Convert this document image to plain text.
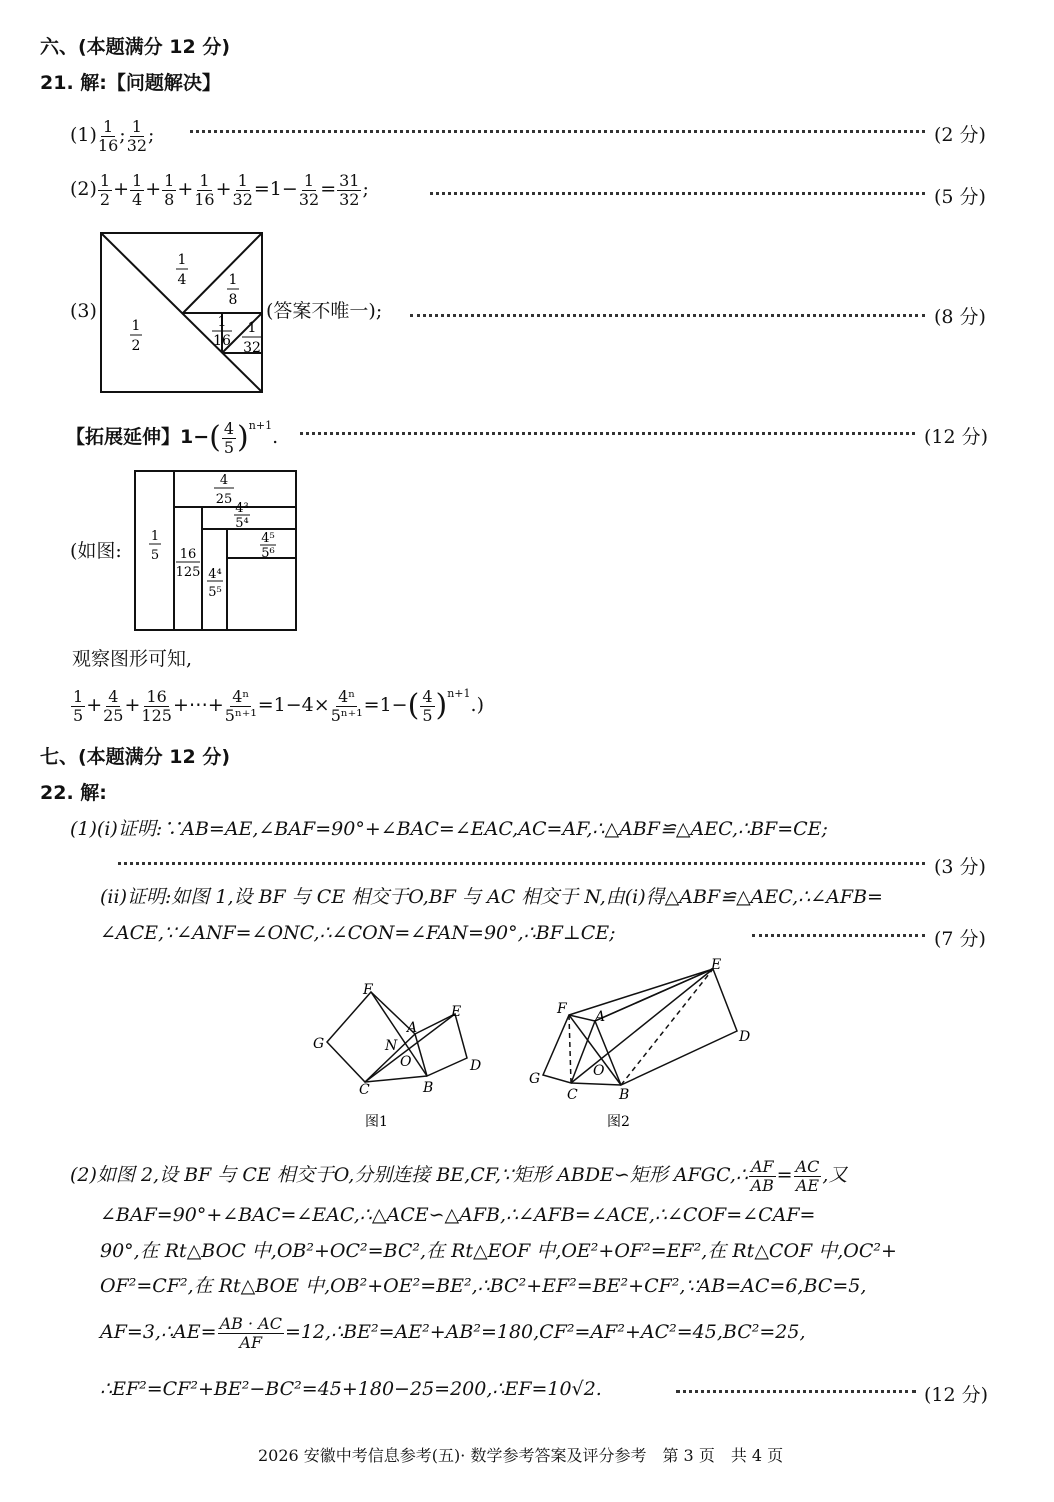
六、(本题满分 12 分)
21. 解:【问题解决】
$(1) \frac{1}{16}$ ; $\frac{1}{32}$ ;	(2 分)
$(2) \frac{1}{2} + \frac{1}{4} + \frac{1}{8} + \frac{1}{16} + \frac{1}{32} =1- \frac{1}{32} = \frac{31}{32}$ ;	(5 分)
(3)
1
4	1
8
1
2
1
16
1
32
(答案不唯一);	(8 分)
【拓展延伸】$1-( \frac{4}{5} )^{n+1}$.	(12 分)
(如图:
1
5
4
25
4³
5⁴
4⁵
5⁶
16
125 4⁴
5⁵
观察图形可知,
$\frac{1}{5} + \frac{4}{25} + \frac{16}{125}$ +⋯+ $\frac{\text{4ⁿ}}{\text{5ⁿ⁺¹}} =1-4\times \frac{\text{4ⁿ}}{\text{5ⁿ⁺¹}} =1-( \frac{4}{5} )^{n+1}$.)
七、(本题满分 12 分)
22. 解:
(1)(i)证明:∵AB=AE,∠BAF=90°+∠BAC=∠EAC,AC=AF,∴△ABF≌△AEC,∴BF=CE;
(3 分)
(ii)证明:如图 1,设 BF 与 CE 相交于O,BF 与 AC 相交于 N,由(i)得△ABF≌△AEC,∴∠AFB=
∠ACE,∵∠ANF=∠ONC,∴∠CON=∠FAN=90°,∴BF⊥CE;	(7 分)
F
A
E
G	N
O	D
C	B
图1
E
F A
D
G	O
C	B
图2
(2)如图 2,设 BF 与 CE 相交于O,分别连接 BE,CF,∵矩形 ABDE∽矩形 AFGC,∴ $\frac{AF}{AB} = \frac{AC}{AE}$ ,又
∠BAF=90°+∠BAC=∠EAC,∴△ACE∽△AFB,∴∠AFB=∠ACE,∴∠COF=∠CAF=
90°,在 Rt△BOC 中,OB²+OC²=BC²,在 Rt△EOF 中,OE²+OF²=EF²,在 Rt△COF 中,OC²+
OF²=CF²,在 Rt△BOE 中,OB²+OE²=BE²,∴BC²+EF²=BE²+CF²,∵AB=AC=6,BC=5,
AF=3,∴AE= $\frac{AB \cdot AC}{AF}$ =12,∴BE²=AE²+AB²=180,CF²=AF²+AC²=45,BC²=25,
∴EF²=CF²+BE²−BC²=45+180−25=200,∴EF=10√2.	(12 分)
2026 安徽中考信息参考(五)· 数学参考答案及评分参考　第 3 页　共 4 页
